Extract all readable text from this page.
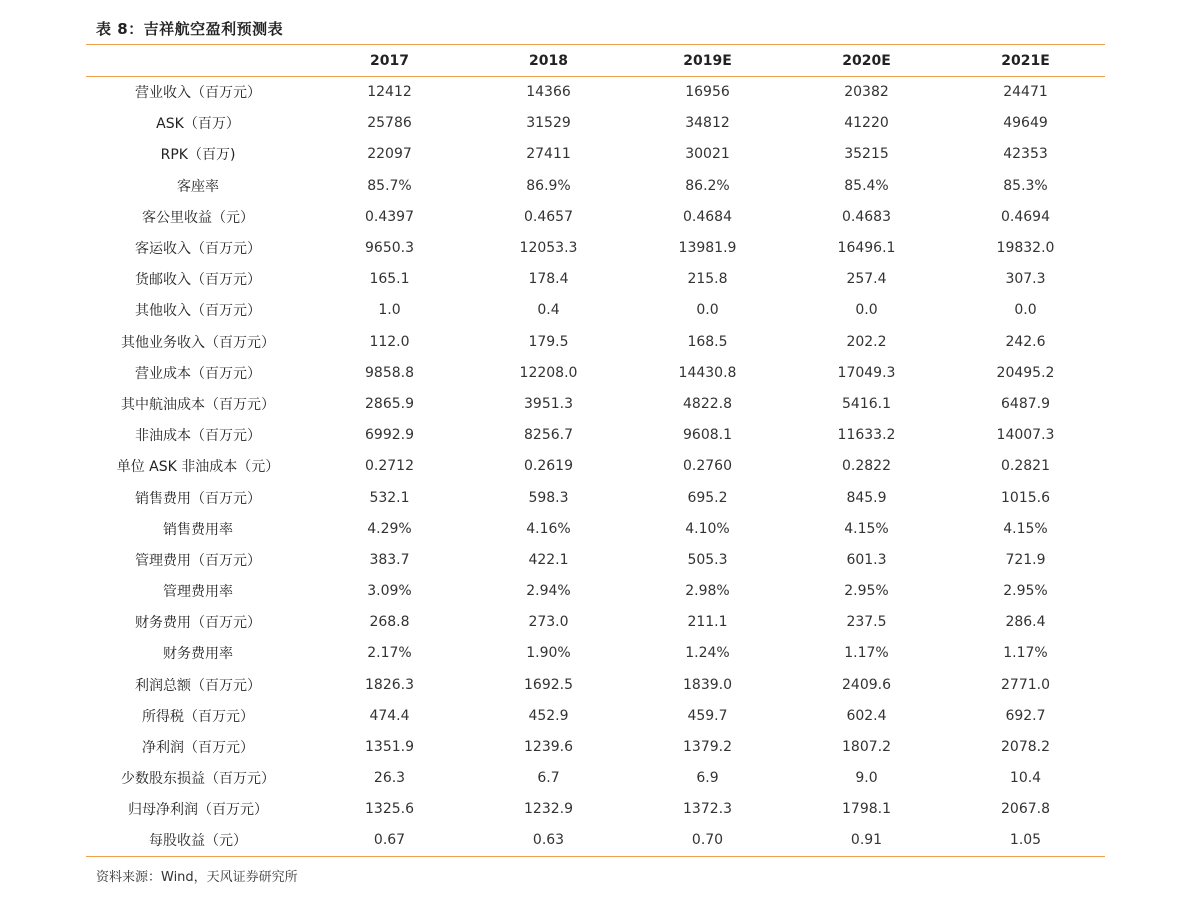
表 8：吉祥航空盈利预测表
	2017	2018	2019E	2020E	2021E
营业收入（百万元）	12412	14366	16956	20382	24471
ASK（百万）	25786	31529	34812	41220	49649
RPK（百万)	22097	27411	30021	35215	42353
客座率	85.7%	86.9%	86.2%	85.4%	85.3%
客公里收益（元）	0.4397	0.4657	0.4684	0.4683	0.4694
客运收入（百万元）	9650.3	12053.3	13981.9	16496.1	19832.0
货邮收入（百万元）	165.1	178.4	215.8	257.4	307.3
其他收入（百万元）	1.0	0.4	0.0	0.0	0.0
其他业务收入（百万元）	112.0	179.5	168.5	202.2	242.6
营业成本（百万元）	9858.8	12208.0	14430.8	17049.3	20495.2
其中航油成本（百万元）	2865.9	3951.3	4822.8	5416.1	6487.9
非油成本（百万元）	6992.9	8256.7	9608.1	11633.2	14007.3
单位 ASK 非油成本（元）	0.2712	0.2619	0.2760	0.2822	0.2821
销售费用（百万元）	532.1	598.3	695.2	845.9	1015.6
销售费用率	4.29%	4.16%	4.10%	4.15%	4.15%
管理费用（百万元）	383.7	422.1	505.3	601.3	721.9
管理费用率	3.09%	2.94%	2.98%	2.95%	2.95%
财务费用（百万元）	268.8	273.0	211.1	237.5	286.4
财务费用率	2.17%	1.90%	1.24%	1.17%	1.17%
利润总额（百万元）	1826.3	1692.5	1839.0	2409.6	2771.0
所得税（百万元）	474.4	452.9	459.7	602.4	692.7
净利润（百万元）	1351.9	1239.6	1379.2	1807.2	2078.2
少数股东损益（百万元）	26.3	6.7	6.9	9.0	10.4
归母净利润（百万元）	1325.6	1232.9	1372.3	1798.1	2067.8
每股收益（元）	0.67	0.63	0.70	0.91	1.05
资料来源：Wind，天风证券研究所
